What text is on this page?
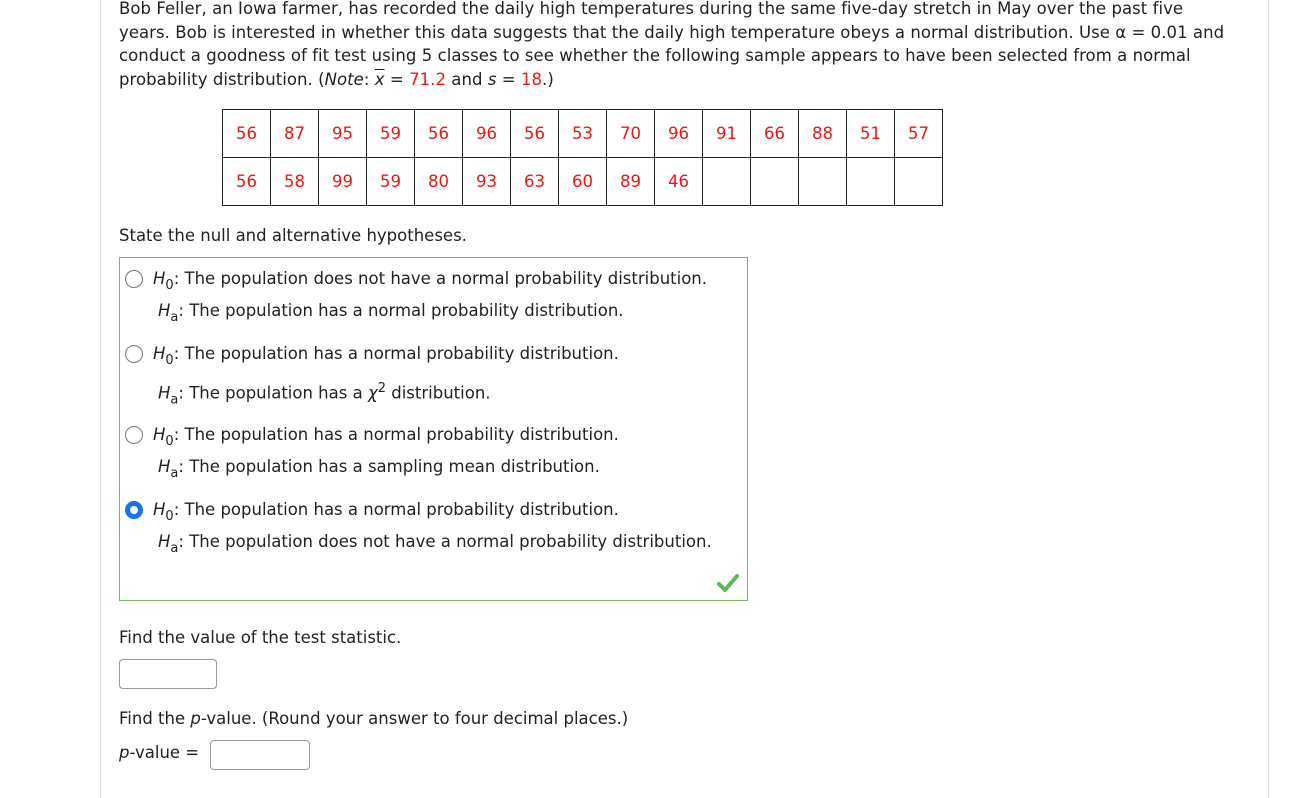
Bob Feller, an Iowa farmer, has recorded the daily high temperatures during the same five-day stretch in May over the past five years. Bob is interested in whether this data suggests that the daily high temperature obeys a normal distribution. Use α = 0.01 and conduct a goodness of fit test using 5 classes to see whether the following sample appears to have been selected from a normal probability distribution. (Note: $\overline{x} = 71.2$ and s = 18.)

56	87	95	59	56	96	56	53	70	96	91	66	88	51	57
56	58	99	59	80	93	63	60	89	46					
State the null and alternative hypotheses.
$H_0$: The population does not have a normal probability distribution.
$H_a$: The population has a normal probability distribution.
$H_0$: The population has a normal probability distribution.
$H_a$: The population has a $\chi^2$ distribution.
$H_0$: The population has a normal probability distribution.
$H_a$: The population has a sampling mean distribution.
$H_0$: The population has a normal probability distribution.
$H_a$: The population does not have a normal probability distribution.
Find the value of the test statistic.
Find the p-value. (Round your answer to four decimal places.)
p-value =
